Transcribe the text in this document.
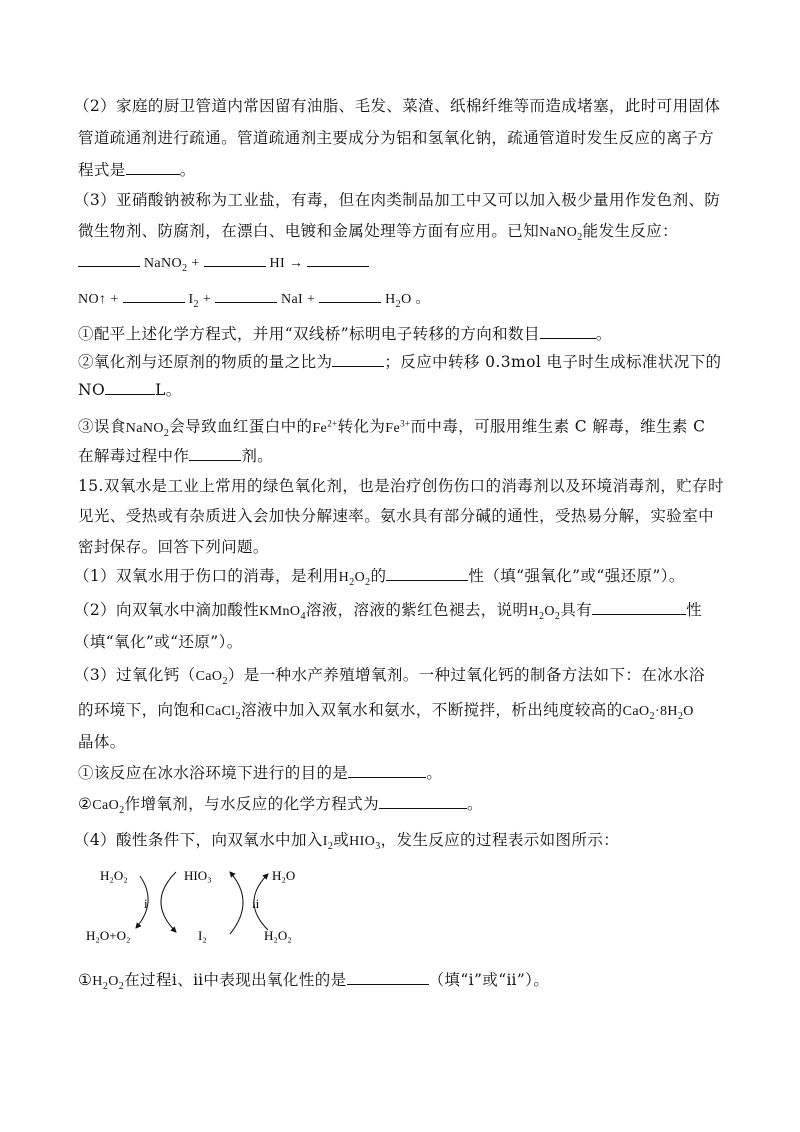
（2）家庭的厨卫管道内常因留有油脂、毛发、菜渣、纸棉纤维等而造成堵塞，此时可用固体
管道疏通剂进行疏通。管道疏通剂主要成分为铝和氢氧化钠，疏通管道时发生反应的离子方
程式是	。
（3）亚硝酸钠被称为工业盐，有毒，但在肉类制品加工中又可以加入极少量用作发色剂、防
微生物剂、防腐剂，在漂白、电镀和金属处理等方面有应用。已知NaNO$_2$能发生反应：
NaNO$_2$ +	HI →
NO↑ +	$I_2$ +	NaI +	$H_2O$ 。
①配平上述化学方程式，并用“双线桥”标明电子转移的方向和数目	。
②氧化剂与还原剂的物质的量之比为	；反应中转移 0.3mol 电子时生成标准状况下的
NO	L。
③误食NaNO$_2$会导致血红蛋白中的$Fe^{2+}$转化为$Fe^{3+}$而中毒，可服用维生素 C 解毒，维生素 C
在解毒过程中作	剂。
15.双氧水是工业上常用的绿色氧化剂，也是治疗创伤伤口的消毒剂以及环境消毒剂，贮存时
见光、受热或有杂质进入会加快分解速率。氨水具有部分碱的通性，受热易分解，实验室中
密封保存。回答下列问题。
（1）双氧水用于伤口的消毒，是利用$H_2O_2$的	性（填“强氧化”或“强还原”）。
（2）向双氧水中滴加酸性KMnO$_4$溶液，溶液的紫红色褪去，说明$H_2O_2$具有	性
（填“氧化”或“还原”）。
（3）过氧化钙（CaO$_2$）是一种水产养殖增氧剂。一种过氧化钙的制备方法如下：在冰水浴
的环境下，向饱和CaCl$_2$溶液中加入双氧水和氨水，不断搅拌，析出纯度较高的$CaO_2\cdot 8H_2O$
晶体。
①该反应在冰水浴环境下进行的目的是	。
②CaO$_2$作增氧剂，与水反应的化学方程式为	。
（4）酸性条件下，向双氧水中加入$I_2$或$HIO_3$，发生反应的过程表示如图所示：
H₂O₂	HIO₃	H₂O
i	ii
H₂O+O₂	I₂	H₂O₂
$①H_2O_2$在过程ⅰ、ⅱ中表现出氧化性的是	（填“ⅰ”或“ⅱ”）。
